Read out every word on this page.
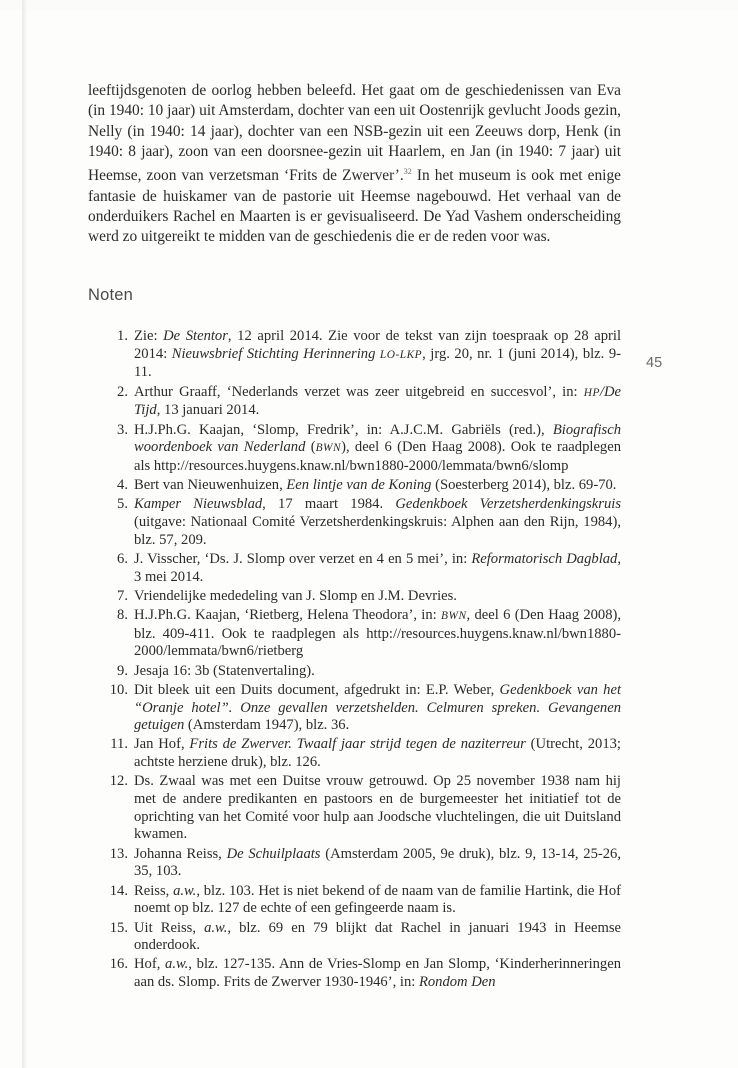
leeftijdsgenoten de oorlog hebben beleefd. Het gaat om de geschiedenissen van Eva (in 1940: 10 jaar) uit Amsterdam, dochter van een uit Oostenrijk gevlucht Joods gezin, Nelly (in 1940: 14 jaar), dochter van een NSB-gezin uit een Zeeuws dorp, Henk (in 1940: 8 jaar), zoon van een doorsnee-gezin uit Haarlem, en Jan (in 1940: 7 jaar) uit Heemse, zoon van verzetsman ‘Frits de Zwerver’.$^{32}$ In het museum is ook met enige fantasie de huiskamer van de pastorie uit Heemse nagebouwd. Het verhaal van de onderduikers Rachel en Maarten is er gevisualiseerd. De Yad Vashem onderscheiding werd zo uitgereikt te midden van de geschiedenis die er de reden voor was.

Noten
1. Zie: De Stentor, 12 april 2014. Zie voor de tekst van zijn toespraak op 28 april 2014: Nieuwsbrief Stichting Herinnering LO-LKP, jrg. 20, nr. 1 (juni 2014), blz. 9-11.
2. Arthur Graaff, ‘Nederlands verzet was zeer uitgebreid en succesvol’, in: HP/De Tijd, 13 januari 2014.
3. H.J.Ph.G. Kaajan, ‘Slomp, Fredrik’, in: A.J.C.M. Gabriëls (red.), Biografisch woordenboek van Nederland (BWN), deel 6 (Den Haag 2008). Ook te raadplegen als http://resources.huygens.knaw.nl/bwn1880-2000/lemmata/bwn6/slomp
4. Bert van Nieuwenhuizen, Een lintje van de Koning (Soesterberg 2014), blz. 69-70.
5. Kamper Nieuwsblad, 17 maart 1984. Gedenkboek Verzetsherdenkingskruis (uitgave: Nationaal Comité Verzetsherdenkingskruis: Alphen aan den Rijn, 1984), blz. 57, 209.
6. J. Visscher, ‘Ds. J. Slomp over verzet en 4 en 5 mei’, in: Reformatorisch Dagblad, 3 mei 2014.
7. Vriendelijke mededeling van J. Slomp en J.M. Devries.
8. H.J.Ph.G. Kaajan, ‘Rietberg, Helena Theodora’, in: BWN, deel 6 (Den Haag 2008), blz. 409-411. Ook te raadplegen als http://resources.huygens.knaw.nl/bwn1880-2000/lemmata/bwn6/rietberg
9. Jesaja 16: 3b (Statenvertaling).
10. Dit bleek uit een Duits document, afgedrukt in: E.P. Weber, Gedenkboek van het “Oranje hotel”. Onze gevallen verzetshelden. Celmuren spreken. Gevangenen getuigen (Amsterdam 1947), blz. 36.
11. Jan Hof, Frits de Zwerver. Twaalf jaar strijd tegen de naziterreur (Utrecht, 2013; achtste herziene druk), blz. 126.
12. Ds. Zwaal was met een Duitse vrouw getrouwd. Op 25 november 1938 nam hij met de andere predikanten en pastoors en de burgemeester het initiatief tot de oprichting van het Comité voor hulp aan Joodsche vluchtelingen, die uit Duitsland kwamen.
13. Johanna Reiss, De Schuilplaats (Amsterdam 2005, 9e druk), blz. 9, 13-14, 25-26, 35, 103.
14. Reiss, a.w., blz. 103. Het is niet bekend of de naam van de familie Hartink, die Hof noemt op blz. 127 de echte of een gefingeerde naam is.
15. Uit Reiss, a.w., blz. 69 en 79 blijkt dat Rachel in januari 1943 in Heemse onderdook.
16. Hof, a.w., blz. 127-135. Ann de Vries-Slomp en Jan Slomp, ‘Kinderherinneringen aan ds. Slomp. Frits de Zwerver 1930-1946’, in: Rondom Den
45
